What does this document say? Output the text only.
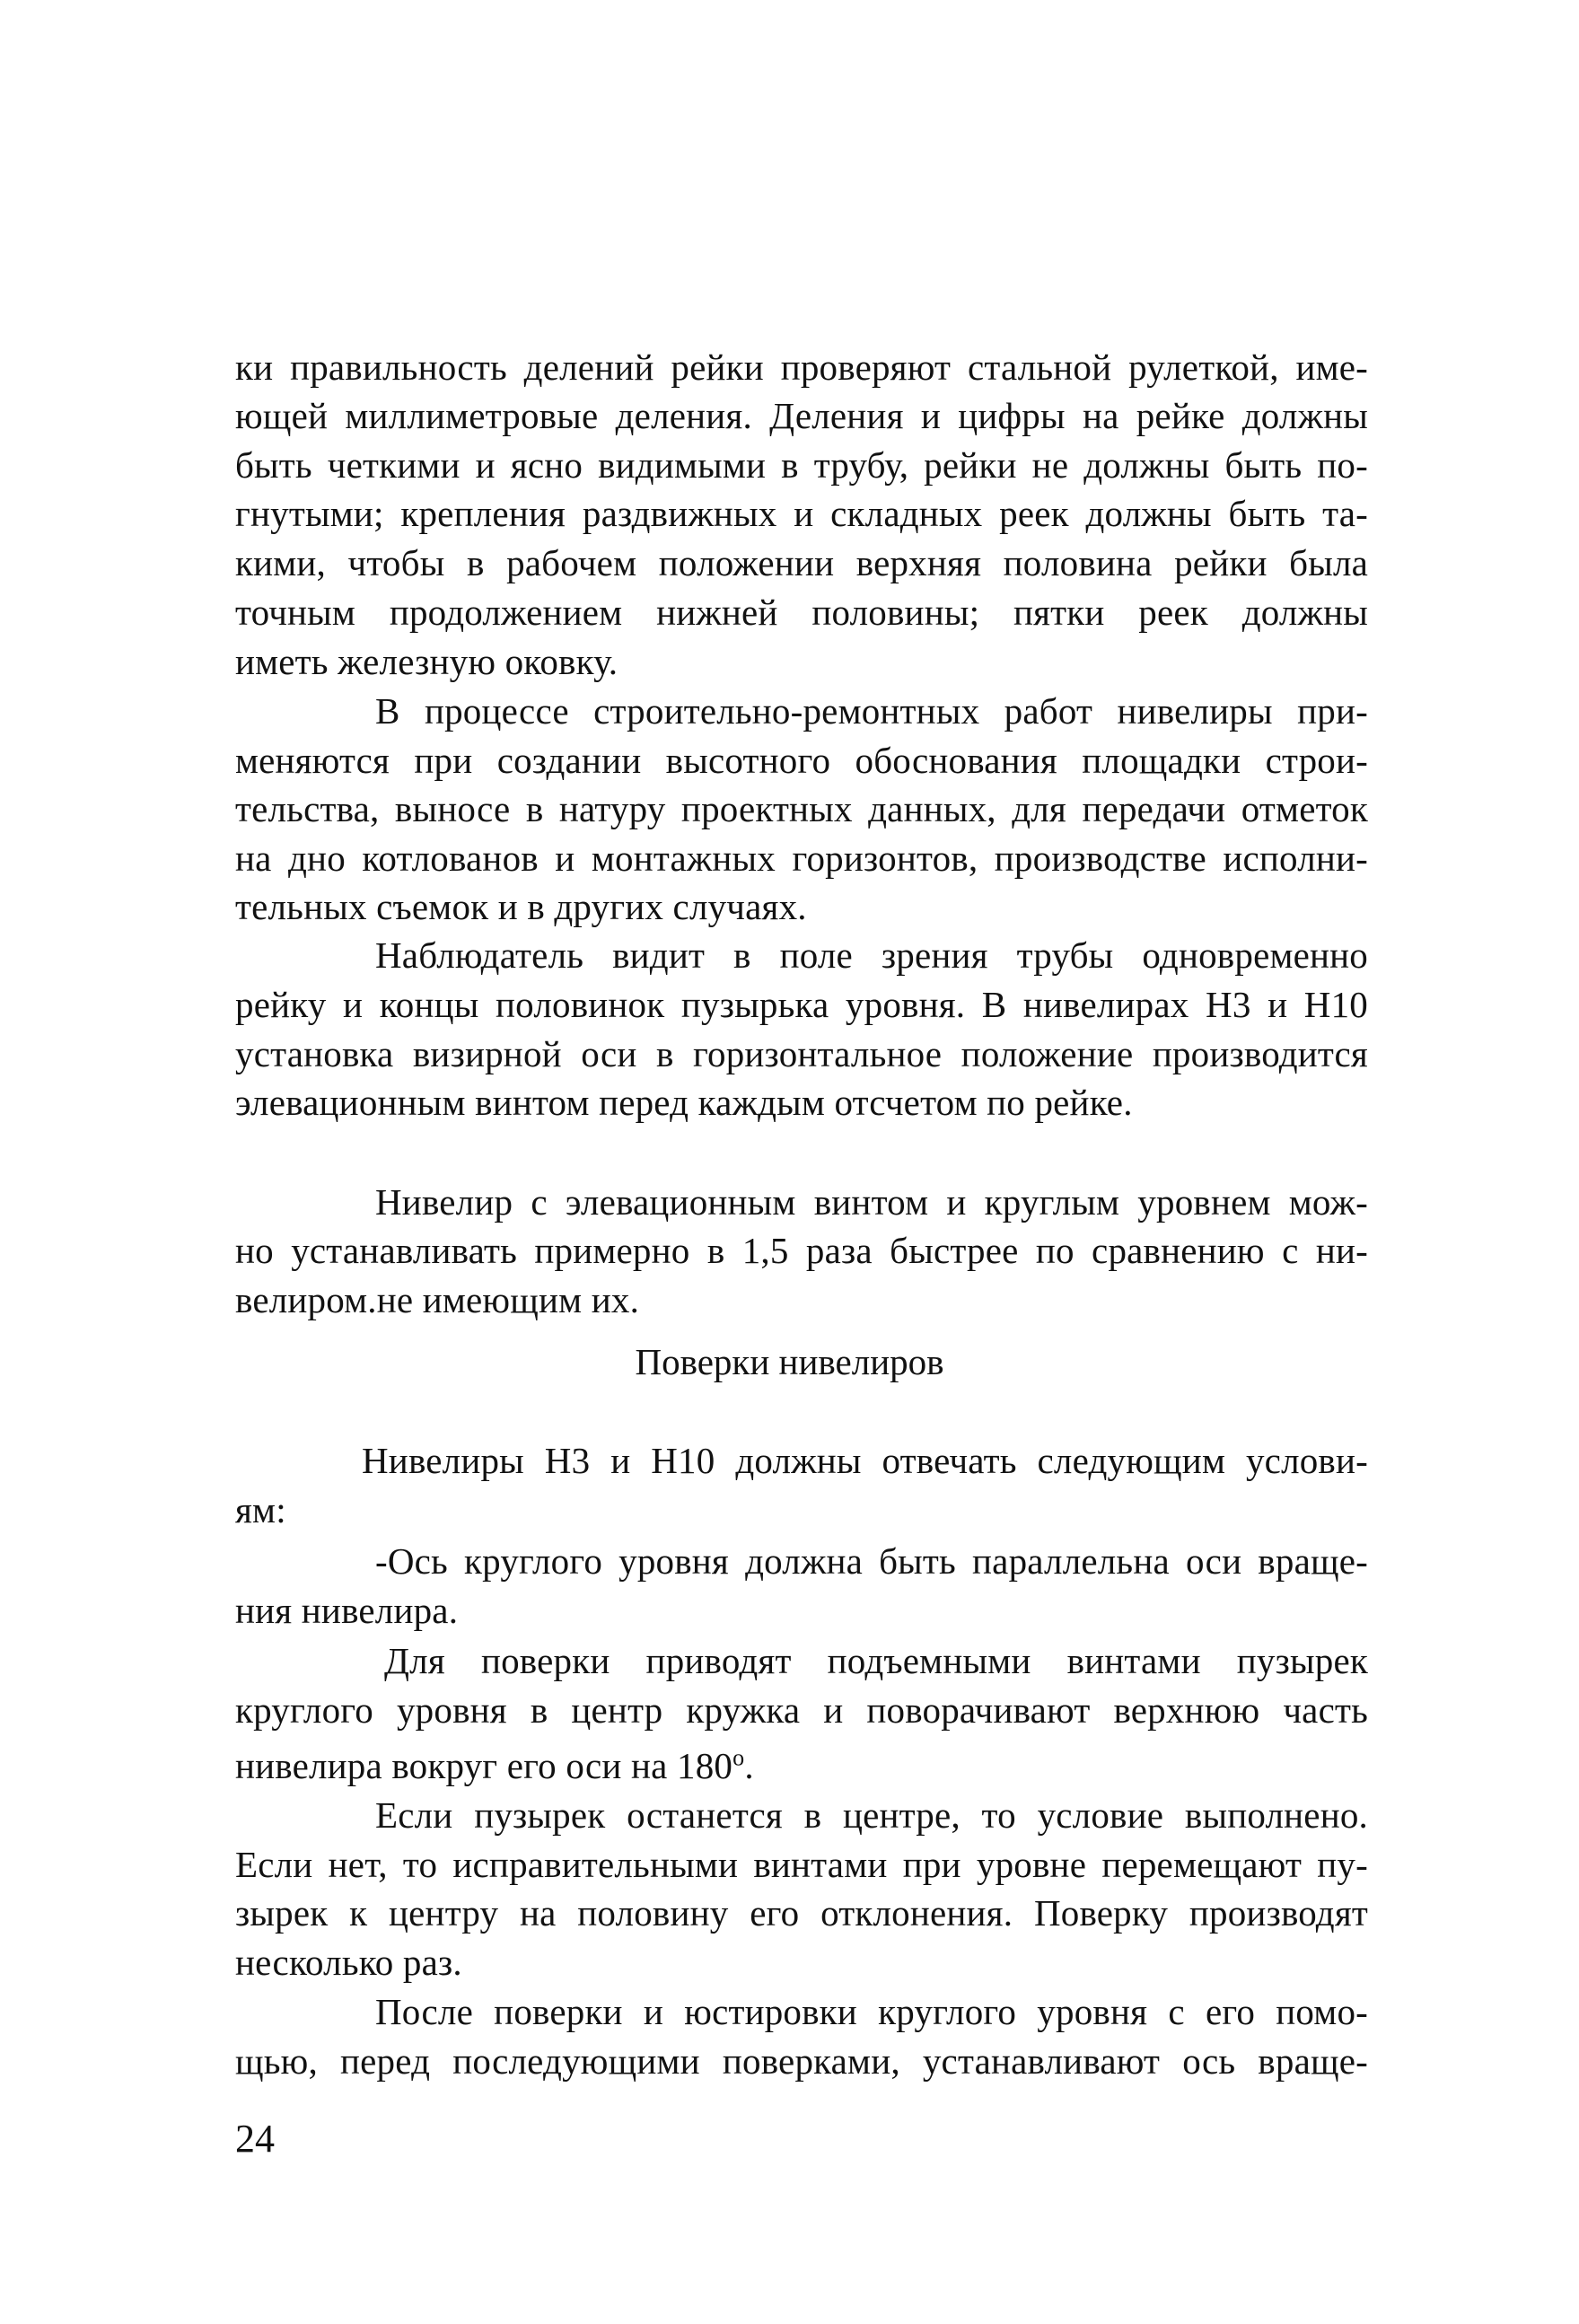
ки правильность делений рейки проверяют стальной рулеткой, име-
ющей миллиметровые деления. Деления и цифры на рейке должны
быть четкими и ясно видимыми в трубу, рейки не должны быть по-
гнутыми; крепления раздвижных и складных реек должны быть та-
кими, чтобы в рабочем положении верхняя половина рейки была
точным продолжением нижней половины; пятки реек должны
иметь железную оковку.
В процессе строительно-ремонтных работ нивелиры при-
меняются при создании высотного обоснования площадки строи-
тельства, выносе в натуру проектных данных, для передачи отметок
на дно котлованов и монтажных горизонтов, производстве исполни-
тельных съемок и в других случаях.
Наблюдатель видит в поле зрения трубы одновременно
рейку и концы половинок пузырька уровня. В нивелирах Н3 и Н10
установка визирной оси в горизонтальное положение производится
элевационным винтом перед каждым отсчетом по рейке.
Нивелир с элевационным винтом и круглым уровнем мож-
но устанавливать примерно в 1,5 раза быстрее по сравнению с ни-
велиром.не имеющим их.
Поверки нивелиров
Нивелиры Н3 и Н10 должны отвечать следующим услови-
ям:
-Ось круглого уровня должна быть параллельна оси враще-
ния нивелира.
Для поверки приводят подъемными винтами пузырек
круглого уровня в центр кружка и поворачивают верхнюю часть
нивелира вокруг его оси на 180$^o$.
Если пузырек останется в центре, то условие выполнено.
Если нет, то исправительными винтами при уровне перемещают пу-
зырек к центру на половину его отклонения. Поверку производят
несколько раз.
После поверки и юстировки круглого уровня с его помо-
щью, перед последующими поверками, устанавливают ось враще-
24
